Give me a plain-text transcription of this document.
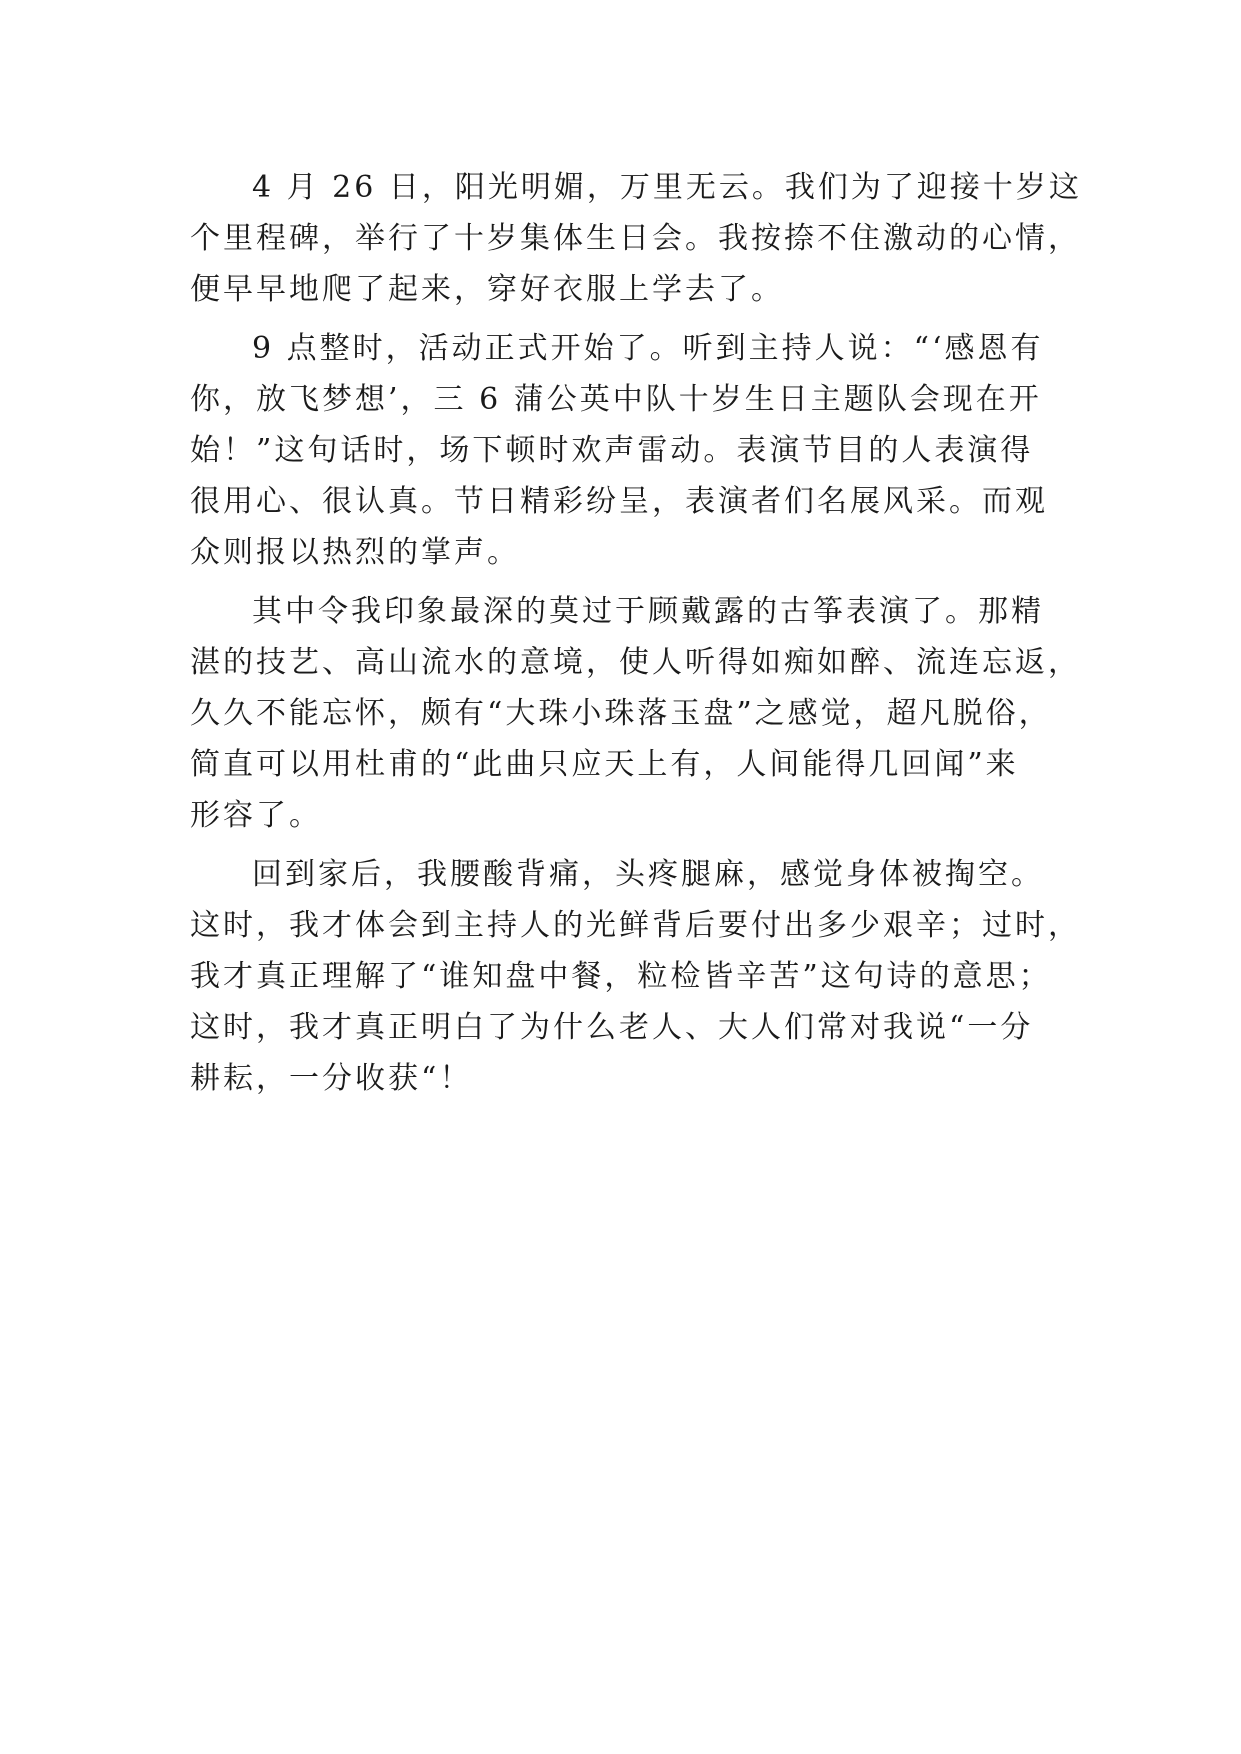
4 月 26 日，阳光明媚，万里无云。我们为了迎接十岁这
个里程碑，举行了十岁集体生日会。我按捺不住激动的心情，
便早早地爬了起来，穿好衣服上学去了。
9 点整时，活动正式开始了。听到主持人说：“‘感恩有
你，放飞梦想’，三 6 蒲公英中队十岁生日主题队会现在开
始！”这句话时，场下顿时欢声雷动。表演节目的人表演得
很用心、很认真。节日精彩纷呈，表演者们名展风采。而观
众则报以热烈的掌声。
其中令我印象最深的莫过于顾戴露的古筝表演了。那精
湛的技艺、高山流水的意境，使人听得如痴如醉、流连忘返，
久久不能忘怀，颇有“大珠小珠落玉盘”之感觉，超凡脱俗，
简直可以用杜甫的“此曲只应天上有，人间能得几回闻”来
形容了。
回到家后，我腰酸背痛，头疼腿麻，感觉身体被掏空。
这时，我才体会到主持人的光鲜背后要付出多少艰辛；过时，
我才真正理解了“谁知盘中餐，粒检皆辛苦”这句诗的意思；
这时，我才真正明白了为什么老人、大人们常对我说“一分
耕耘，一分收获“！
